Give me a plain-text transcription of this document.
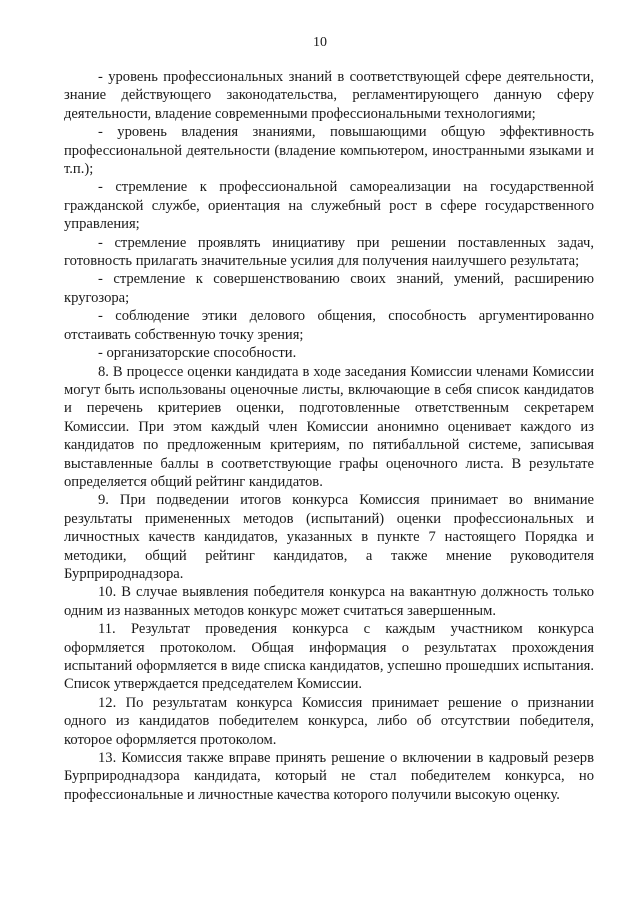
10

- уровень профессиональных знаний в соответствующей сфере деятельности, знание действующего законодательства, регламентирующего данную сферу деятельности, владение современными профессиональными технологиями;

- уровень владения знаниями, повышающими общую эффективность профессиональной деятельности (владение компьютером, иностранными языками и т.п.);

- стремление к профессиональной самореализации на государственной гражданской службе, ориентация на служебный рост в сфере государственного управления;

- стремление проявлять инициативу при решении поставленных задач, готовность прилагать значительные усилия для получения наилучшего результата;

- стремление к совершенствованию своих знаний, умений, расширению кругозора;

- соблюдение этики делового общения, способность аргументированно отстаивать собственную точку зрения;

- организаторские способности.

8. В процессе оценки кандидата в ходе заседания Комиссии членами Комиссии могут быть использованы оценочные листы, включающие в себя список кандидатов и перечень критериев оценки, подготовленные ответственным секретарем Комиссии. При этом каждый член Комиссии анонимно оценивает каждого из кандидатов по предложенным критериям, по пятибалльной системе, записывая выставленные баллы в соответствующие графы оценочного листа. В результате определяется общий рейтинг кандидатов.

9. При подведении итогов конкурса Комиссия принимает во внимание результаты примененных методов (испытаний) оценки профессиональных и личностных качеств кандидатов, указанных в пункте 7 настоящего Порядка и методики, общий рейтинг кандидатов, а также мнение руководителя Бурприроднадзора.

10. В случае выявления победителя конкурса на вакантную должность только одним из названных методов конкурс может считаться завершенным.

11. Результат проведения конкурса с каждым участником конкурса оформляется протоколом. Общая информация о результатах прохождения испытаний оформляется в виде списка кандидатов, успешно прошедших испытания. Список утверждается председателем Комиссии.

12. По результатам конкурса Комиссия принимает решение о признании одного из кандидатов победителем конкурса, либо об отсутствии победителя, которое оформляется протоколом.

13. Комиссия также вправе принять решение о включении в кадровый резерв Бурприроднадзора кандидата, который не стал победителем конкурса, но профессиональные и личностные качества которого получили высокую оценку.
